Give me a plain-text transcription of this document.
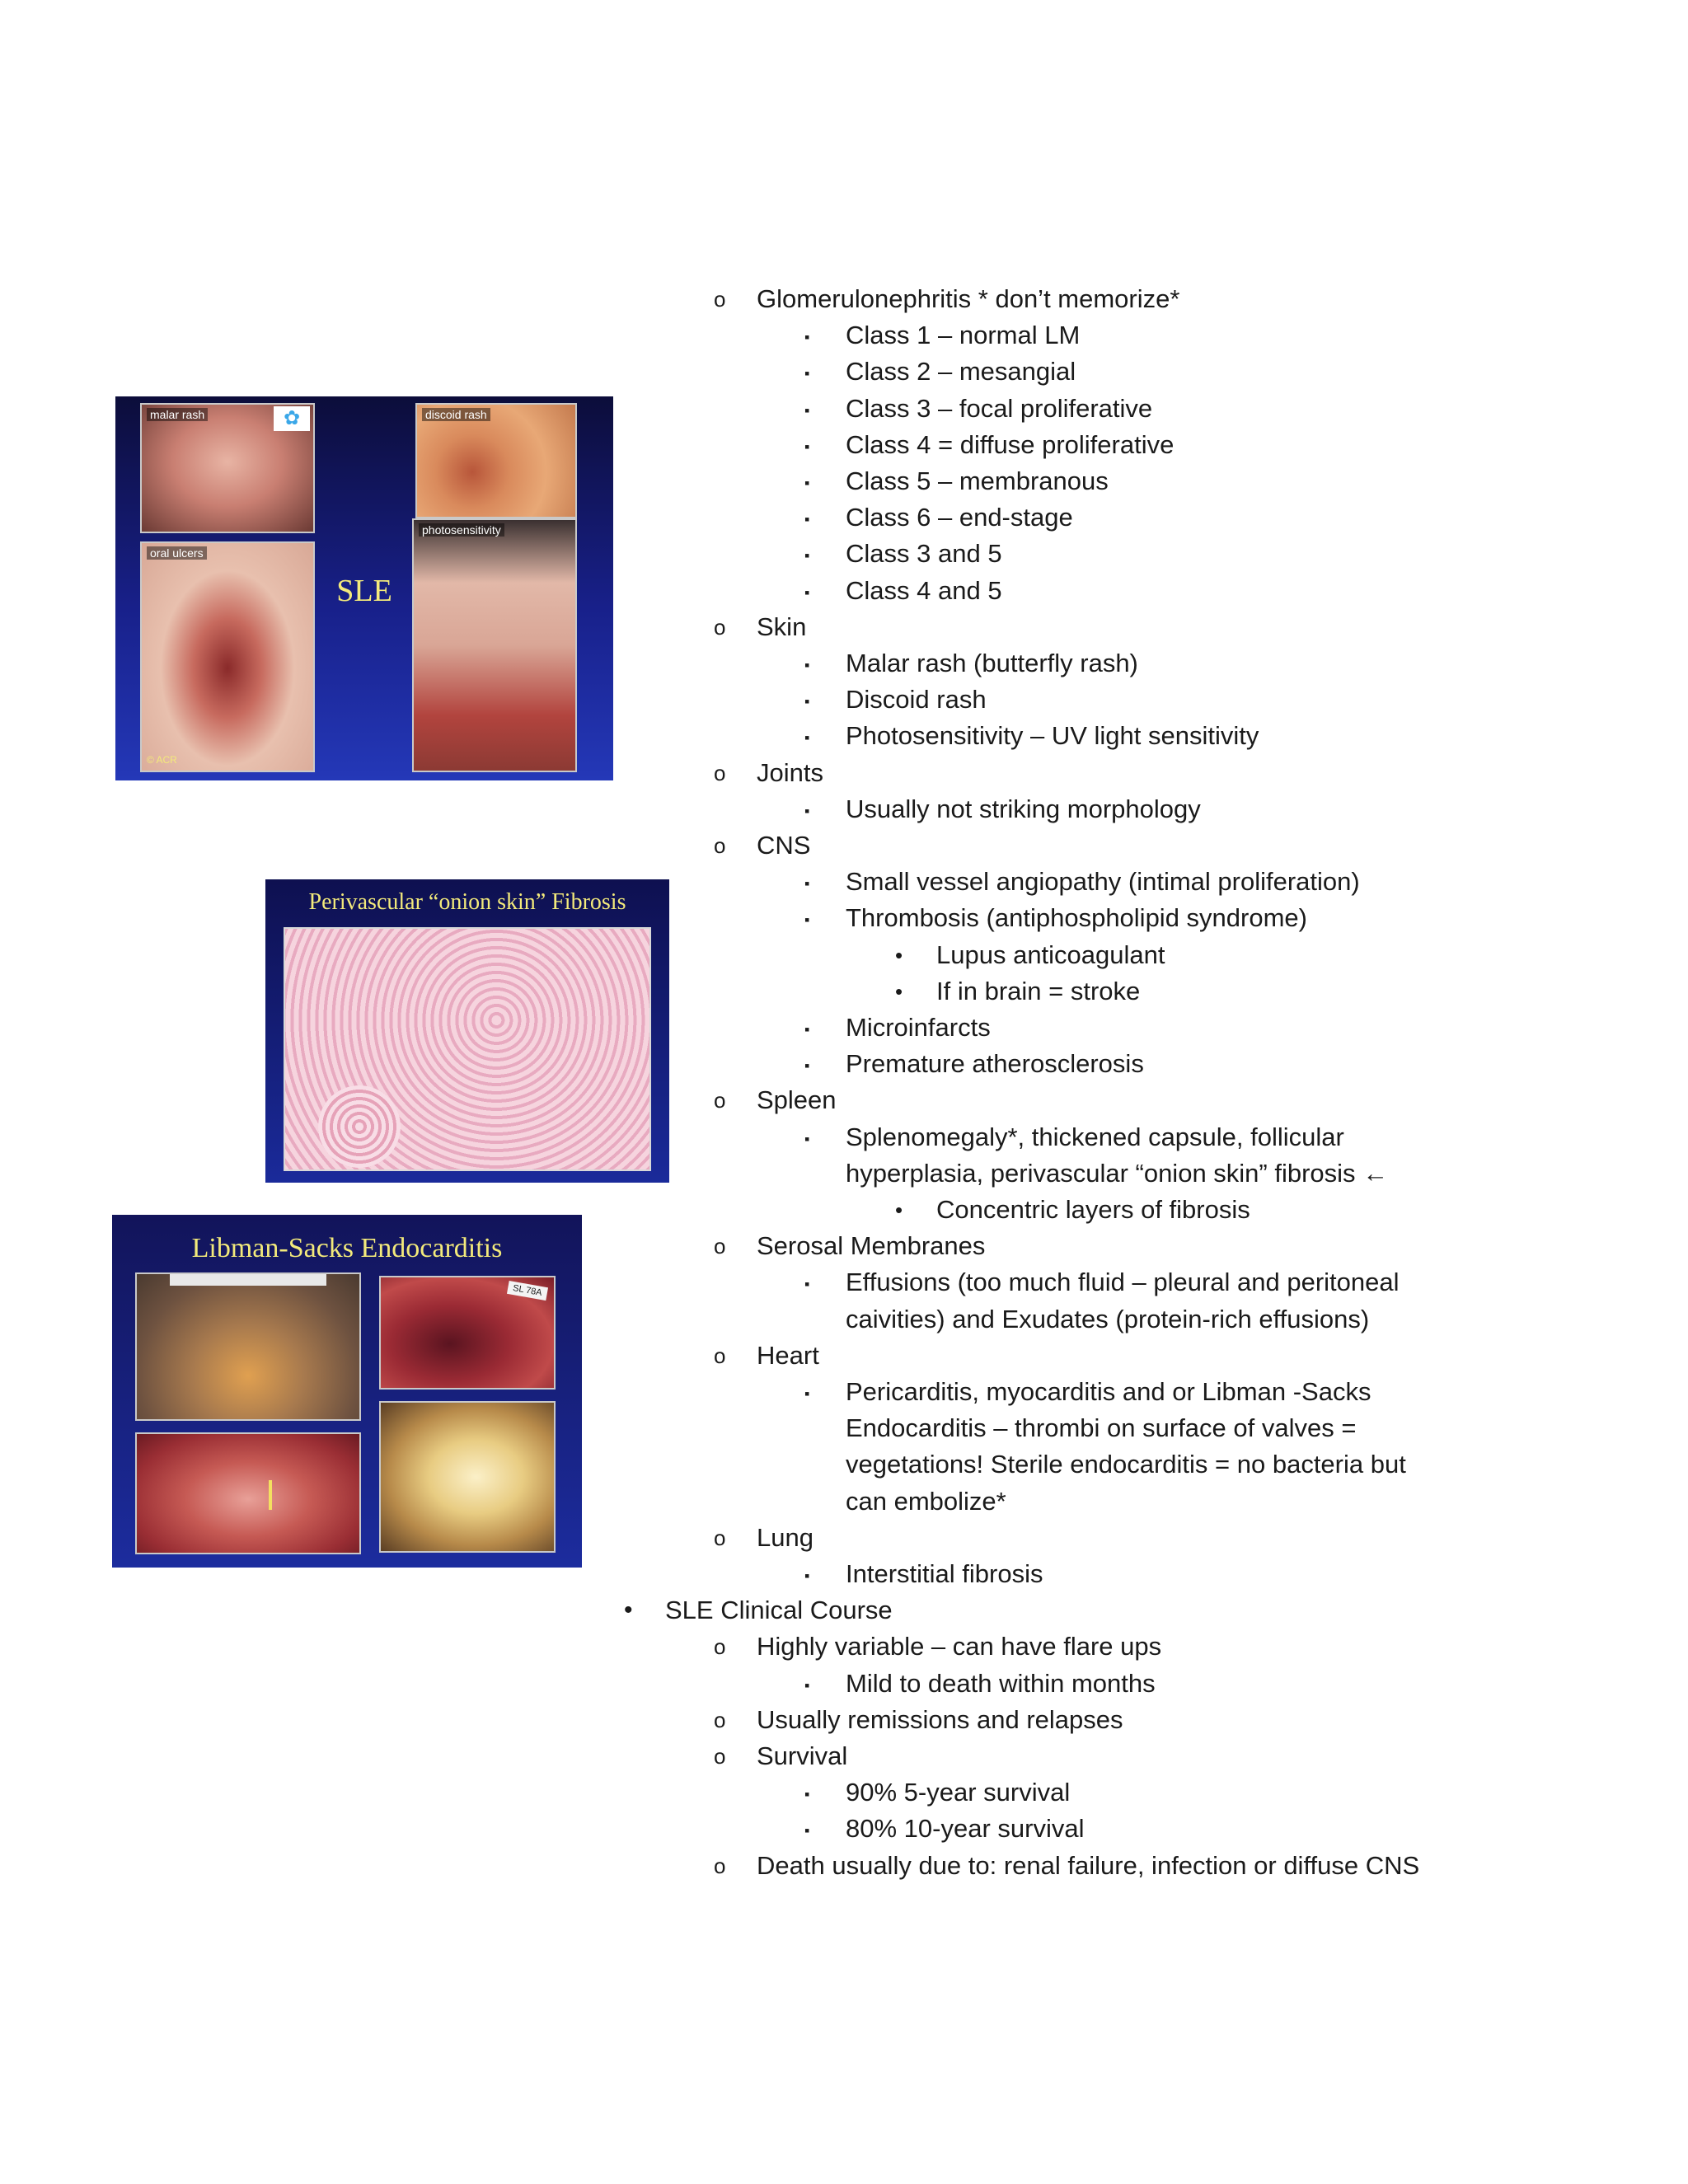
malar rash	✿	discoid rash
oral ulcers
© ACR
SLE
photosensitivity
Perivascular “onion skin” Fibrosis
Libman-Sacks Endocarditis
SL 78A
o Glomerulonephritis * don’t memorize*
▪ Class 1 – normal LM
▪ Class 2 – mesangial
▪ Class 3 – focal proliferative
▪ Class 4 = diffuse proliferative
▪ Class 5 – membranous
▪ Class 6 – end-stage
▪ Class 3 and 5
▪ Class 4 and 5
o Skin
▪ Malar rash (butterfly rash)
▪ Discoid rash
▪ Photosensitivity – UV light sensitivity
o Joints
▪ Usually not striking morphology
o CNS
▪ Small vessel angiopathy (intimal proliferation)
▪ Thrombosis (antiphospholipid syndrome)
• Lupus anticoagulant
• If in brain = stroke
▪ Microinfarcts
▪ Premature atherosclerosis
o Spleen
▪ Splenomegaly*, thickened capsule, follicular
hyperplasia, perivascular “onion skin” fibrosis ←
• Concentric layers of fibrosis
o Serosal Membranes
▪ Effusions (too much fluid – pleural and peritoneal
caivities) and Exudates (protein-rich effusions)
o Heart
▪ Pericarditis, myocarditis and or Libman -Sacks
Endocarditis – thrombi on surface of valves =
vegetations! Sterile endocarditis = no bacteria but
can embolize*
o Lung
▪ Interstitial fibrosis
• SLE Clinical Course
o Highly variable – can have flare ups
▪ Mild to death within months
o Usually remissions and relapses
o Survival
▪ 90% 5-year survival
▪ 80% 10-year survival
o Death usually due to: renal failure, infection or diffuse CNS
